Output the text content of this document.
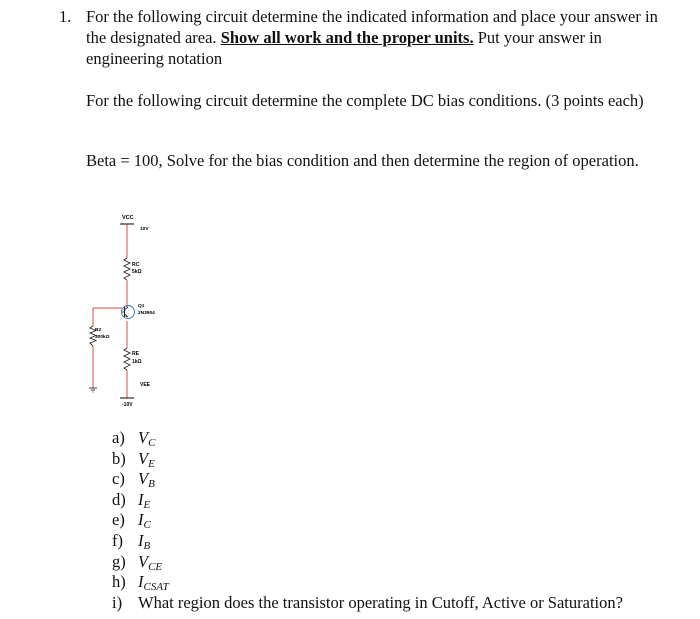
1. For the following circuit determine the indicated information and place your answer in the designated area. Show all work and the proper units. Put your answer in engineering notation

For the following circuit determine the complete DC bias conditions. (3 points each)

Beta = 100, Solve for the bias condition and then determine the region of operation.

VCC
10V
RC
5kΩ
Q1
2N3904
R2
300kΩ
RE
1kΩ
VEE
-10V
a) $V_C$
b) $V_E$
c) $V_B$
d) $I_E$
e) $I_C$
f) $I_B$
g) $V_{CE}$
h) $I_{CSAT}$
i) What region does the transistor operating in Cutoff, Active or Saturation?
